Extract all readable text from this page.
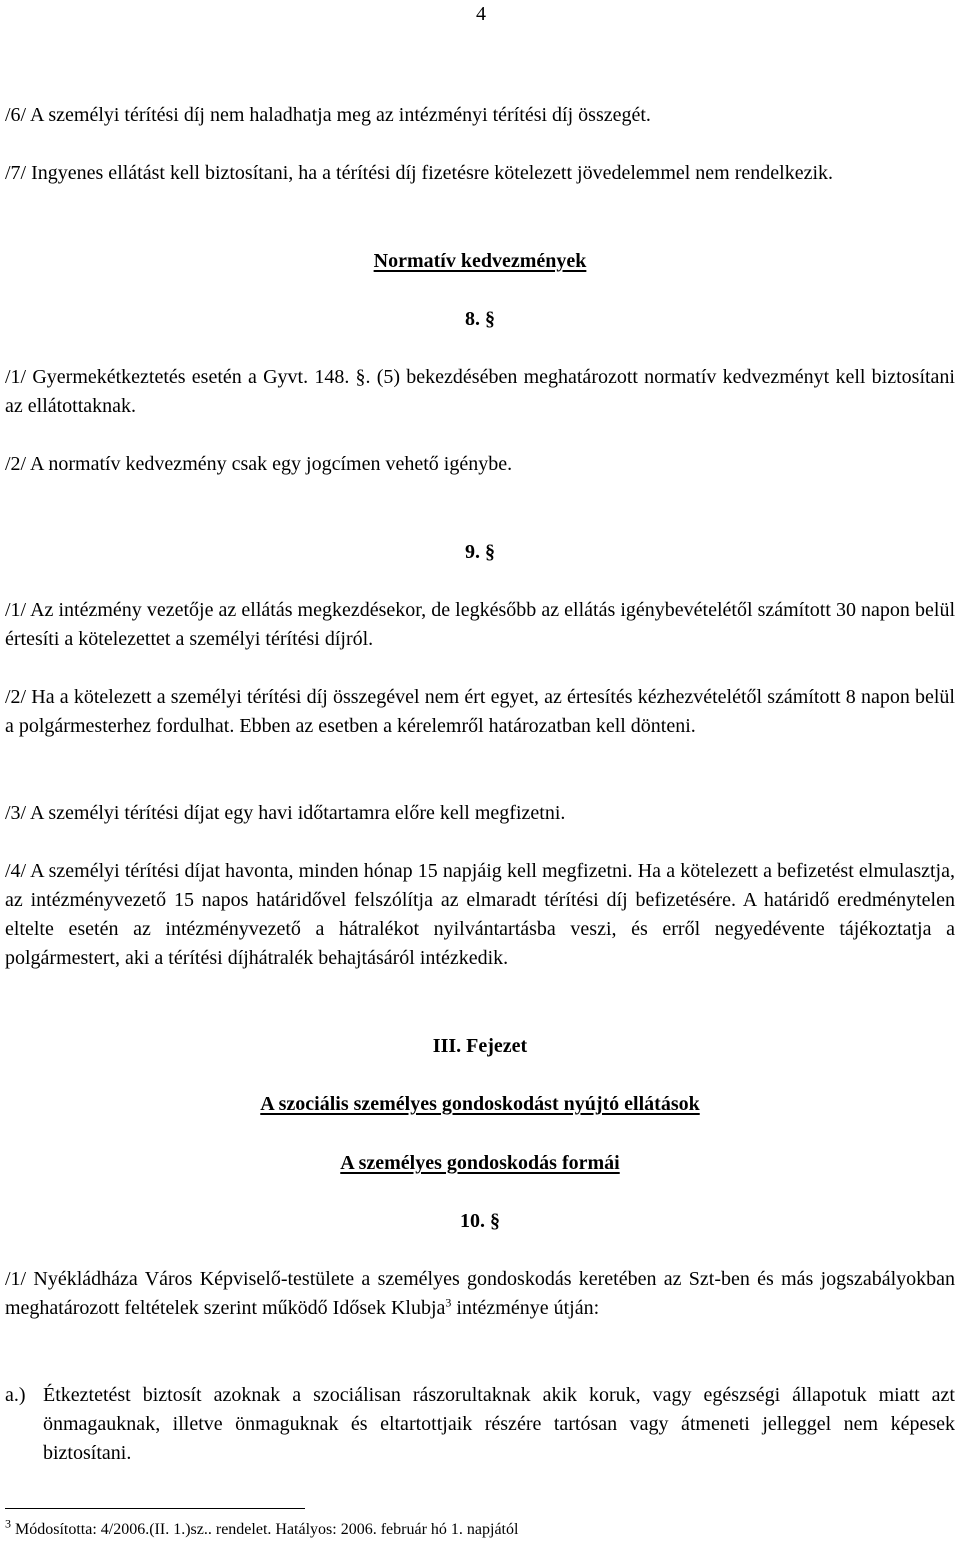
4

/6/ A személyi térítési díj nem haladhatja meg az intézményi térítési díj összegét.

/7/ Ingyenes ellátást kell biztosítani, ha a térítési díj fizetésre kötelezett jövedelemmel nem rendelkezik.

Normatív kedvezmények
8. §

/1/ Gyermekétkeztetés esetén a Gyvt. 148. §. (5) bekezdésében meghatározott normatív kedvezményt kell biztosítani az ellátottaknak.

/2/ A normatív kedvezmény csak egy jogcímen vehető igénybe.

9. §

/1/ Az intézmény vezetője az ellátás megkezdésekor, de legkésőbb az ellátás igénybevételétől számított 30 napon belül értesíti a kötelezettet a személyi térítési díjról.

/2/ Ha a kötelezett a személyi térítési díj összegével nem ért egyet, az értesítés kézhezvételétől számított 8 napon belül a polgármesterhez fordulhat. Ebben az esetben a kérelemről határozatban kell dönteni.

/3/ A személyi térítési díjat egy havi időtartamra előre kell megfizetni.

/4/ A személyi térítési díjat havonta, minden hónap 15 napjáig kell megfizetni. Ha a kötelezett a befizetést elmulasztja, az intézményvezető 15 napos határidővel felszólítja az elmaradt térítési díj befizetésére. A határidő eredménytelen eltelte esetén az intézményvezető a hátralékot nyilvántartásba veszi, és erről negyedévente tájékoztatja a polgármestert, aki a térítési díjhátralék behajtásáról intézkedik.

III. Fejezet
A szociális személyes gondoskodást nyújtó ellátások
A személyes gondoskodás formái
10. §

/1/ Nyékládháza Város Képviselő-testülete a személyes gondoskodás keretében az Szt-ben és más jogszabályokban meghatározott feltételek szerint működő Idősek Klubja$^3$ intézménye útján:

a.) Étkeztetést biztosít azoknak a szociálisan rászorultaknak akik koruk, vagy egészségi állapotuk miatt azt önmagauknak, illetve önmaguknak és eltartottjaik részére tartósan vagy átmeneti jelleggel nem képesek biztosítani.

$^3$ Módosította: 4/2006.(II. 1.)sz.. rendelet. Hatályos: 2006. február hó 1. napjától
